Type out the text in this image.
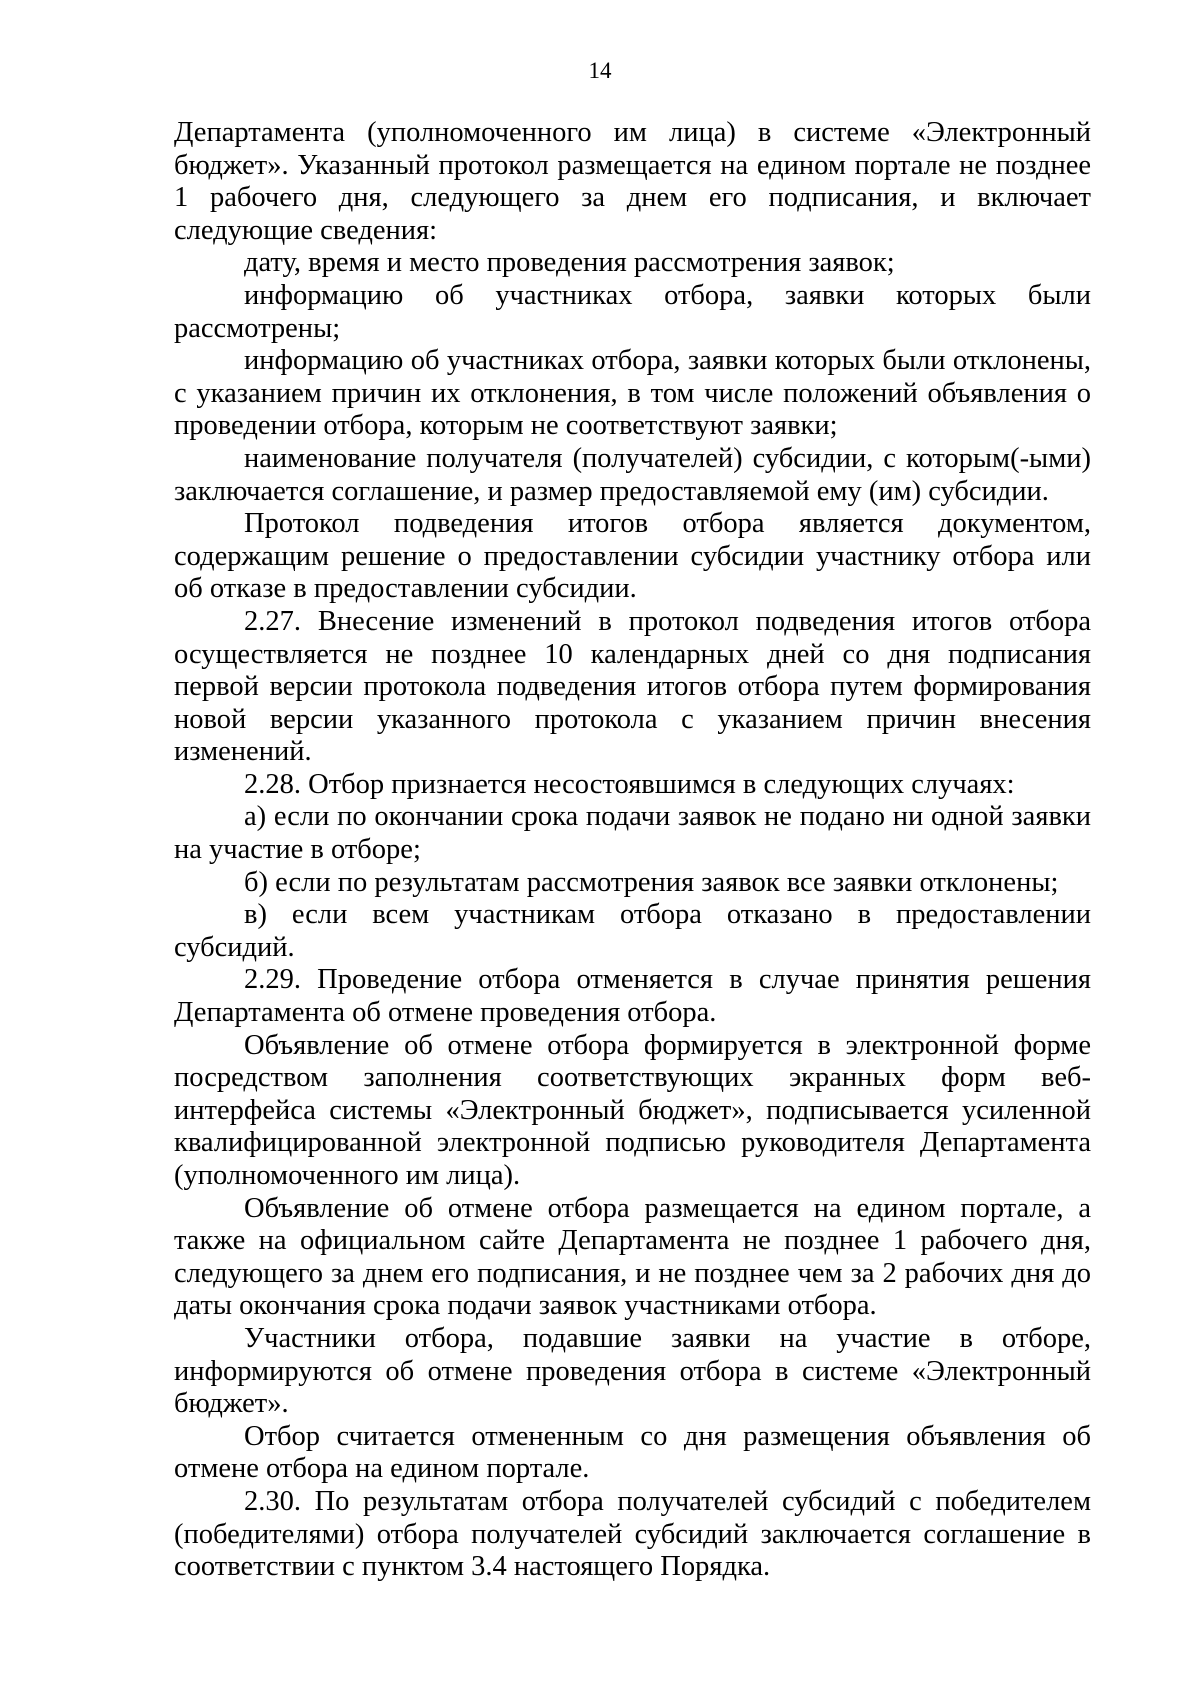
14

Департамента (уполномоченного им лица) в системе «Электронный бюджет». Указанный протокол размещается на едином портале не позднее 1 рабочего дня, следующего за днем его подписания, и включает следующие сведения:

дату, время и место проведения рассмотрения заявок;

информацию об участниках отбора, заявки которых были рассмотрены;

информацию об участниках отбора, заявки которых были отклонены, с указанием причин их отклонения, в том числе положений объявления о проведении отбора, которым не соответствуют заявки;

наименование получателя (получателей) субсидии, с которым(-ыми) заключается соглашение, и размер предоставляемой ему (им) субсидии.

Протокол подведения итогов отбора является документом, содержащим решение о предоставлении субсидии участнику отбора или об отказе в предоставлении субсидии.

2.27. Внесение изменений в протокол подведения итогов отбора осуществляется не позднее 10 календарных дней со дня подписания первой версии протокола подведения итогов отбора путем формирования новой версии указанного протокола с указанием причин внесения изменений.

2.28. Отбор признается несостоявшимся в следующих случаях:

а) если по окончании срока подачи заявок не подано ни одной заявки на участие в отборе;

б) если по результатам рассмотрения заявок все заявки отклонены;

в) если всем участникам отбора отказано в предоставлении субсидий.

2.29. Проведение отбора отменяется в случае принятия решения Департамента об отмене проведения отбора.

Объявление об отмене отбора формируется в электронной форме посредством заполнения соответствующих экранных форм веб-интерфейса системы «Электронный бюджет», подписывается усиленной квалифицированной электронной подписью руководителя Департамента (уполномоченного им лица).

Объявление об отмене отбора размещается на едином портале, а также на официальном сайте Департамента не позднее 1 рабочего дня, следующего за днем его подписания, и не позднее чем за 2 рабочих дня до даты окончания срока подачи заявок участниками отбора.

Участники отбора, подавшие заявки на участие в отборе, информируются об отмене проведения отбора в системе «Электронный бюджет».

Отбор считается отмененным со дня размещения объявления об отмене отбора на едином портале.

2.30. По результатам отбора получателей субсидий с победителем (победителями) отбора получателей субсидий заключается соглашение в соответствии с пунктом 3.4 настоящего Порядка.
